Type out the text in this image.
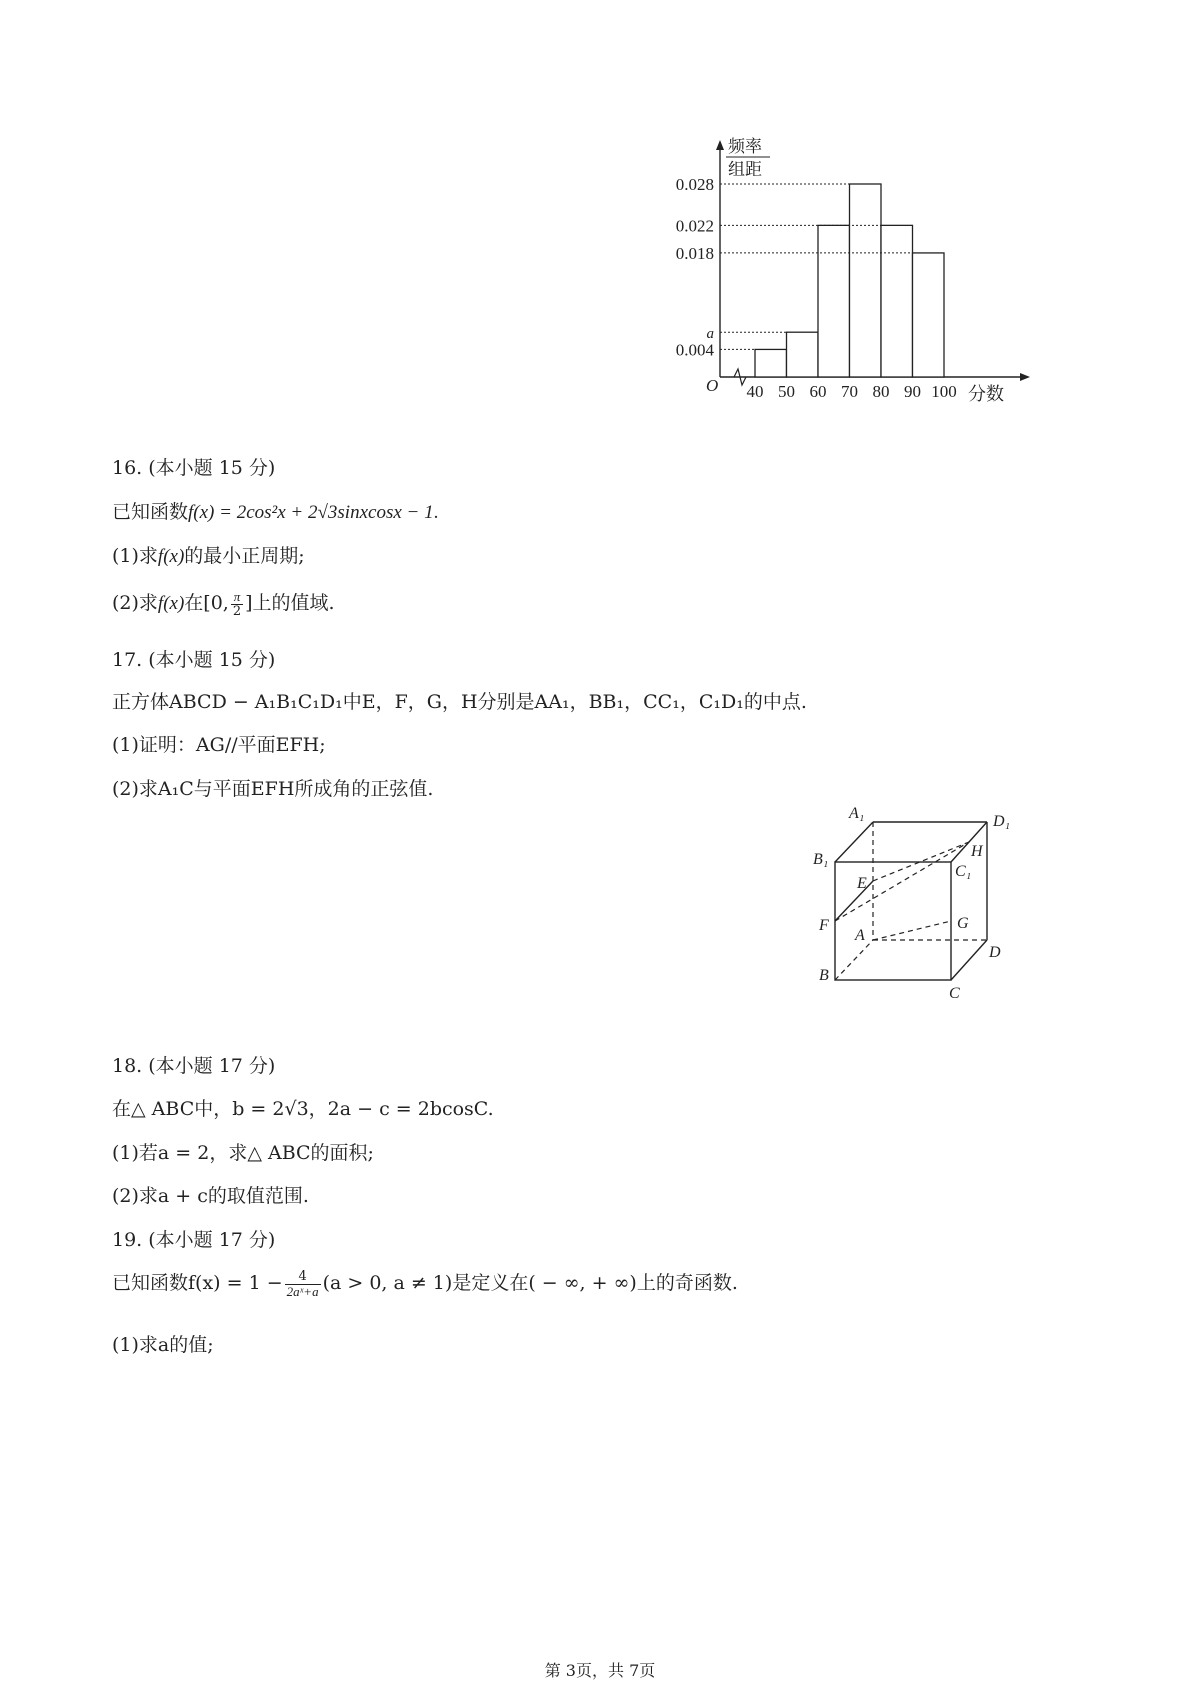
0.028
0.022
0.018
a
0.004
频率
组距
O 40 50 60 70 80 90 100 分数
16. (本小题 15 分)
已知函数f(x) = 2cos²x + 2√3sinxcosx − 1.
(1)求f(x)的最小正周期;
(2)求f(x)在[0, $\frac{\pi}{2}$ ]上的值域.
17. (本小题 15 分)
正方体ABCD − A₁B₁C₁D₁中E，F，G，H分别是AA₁，BB₁，CC₁，C₁D₁的中点.
(1)证明：AG//平面EFH;
(2)求A₁C与平面EFH所成角的正弦值.
A₁	D₁
B₁	H
C₁
E
F	G
A
D
B
C
18. (本小题 17 分)
在△ ABC中，b = 2√3，2a − c = 2bcosC.
(1)若a = 2，求△ ABC的面积;
(2)求a + c的取值范围.
19. (本小题 17 分)
已知函数$f(x) = 1 - \frac{4}{\text{2aˣ+a}} (a > 0$, a ≠ 1)是定义在( − ∞, + ∞)上的奇函数.
(1)求a的值;
第 3页，共 7页
